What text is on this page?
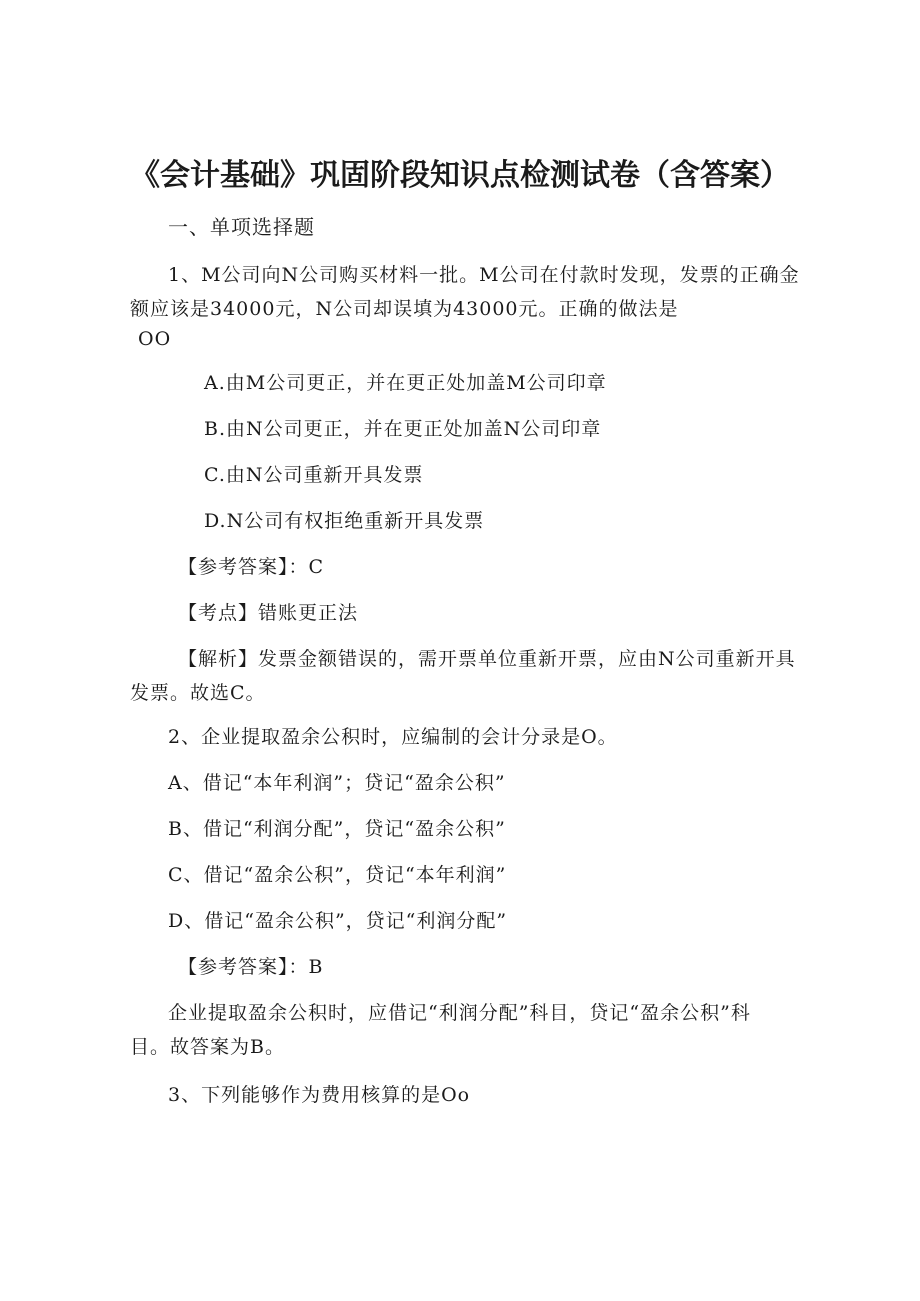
《会计基础》巩固阶段知识点检测试卷（含答案）
一、单项选择题
1、M公司向N公司购买材料一批。M公司在付款时发现，发票的正确金
额应该是34000元，N公司却误填为43000元。正确的做法是
OO
A.由M公司更正，并在更正处加盖M公司印章
B.由N公司更正，并在更正处加盖N公司印章
C.由N公司重新开具发票
D.N公司有权拒绝重新开具发票
【参考答案】：C
【考点】错账更正法
【解析】发票金额错误的，需开票单位重新开票，应由N公司重新开具
发票。故选C。
2、企业提取盈余公积时，应编制的会计分录是O。
A、借记“本年利润”；贷记“盈余公积”
B、借记“利润分配”，贷记“盈余公积”
C、借记“盈余公积”，贷记“本年利润”
D、借记“盈余公积”，贷记“利润分配”
【参考答案】：B
企业提取盈余公积时，应借记“利润分配”科目，贷记“盈余公积”科
目。故答案为B。
3、下列能够作为费用核算的是Oo
